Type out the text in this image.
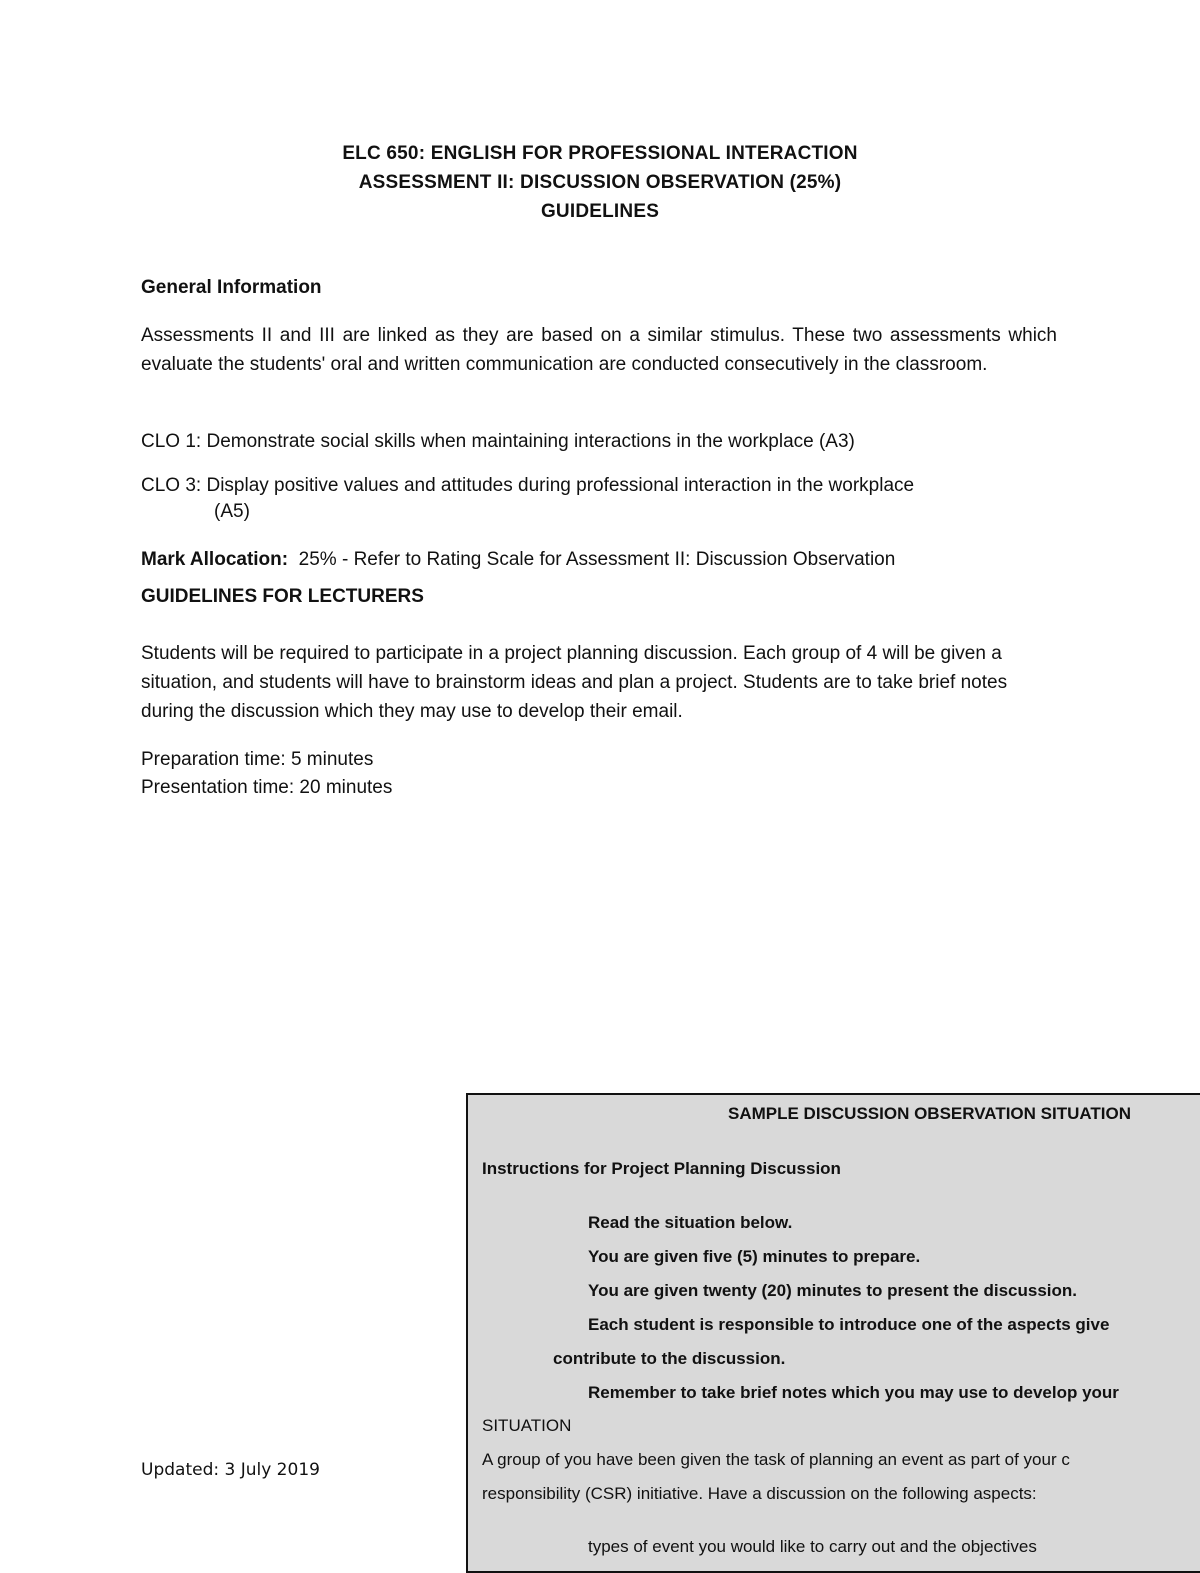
ELC 650: ENGLISH FOR PROFESSIONAL INTERACTION
ASSESSMENT II: DISCUSSION OBSERVATION (25%)
GUIDELINES
General Information
Assessments II and III are linked as they are based on a similar stimulus. These two assessments which evaluate the students' oral and written communication are conducted consecutively in the classroom.
CLO 1: Demonstrate social skills when maintaining interactions in the workplace (A3)
CLO 3: Display positive values and attitudes during professional interaction in the workplace
(A5)
Mark Allocation: 25% - Refer to Rating Scale for Assessment II: Discussion Observation
GUIDELINES FOR LECTURERS
Students will be required to participate in a project planning discussion. Each group of 4 will be given a situation, and students will have to brainstorm ideas and plan a project. Students are to take brief notes during the discussion which they may use to develop their email.
Preparation time: 5 minutes
Presentation time: 20 minutes
Updated: 3 July 2019
SAMPLE DISCUSSION OBSERVATION SITUATION
Instructions for Project Planning Discussion
Read the situation below.
You are given five (5) minutes to prepare.
You are given twenty (20) minutes to present the discussion.
Each student is responsible to introduce one of the aspects give
contribute to the discussion.
Remember to take brief notes which you may use to develop your
SITUATION
A group of you have been given the task of planning an event as part of your c
responsibility (CSR) initiative. Have a discussion on the following aspects:
types of event you would like to carry out and the objectives
